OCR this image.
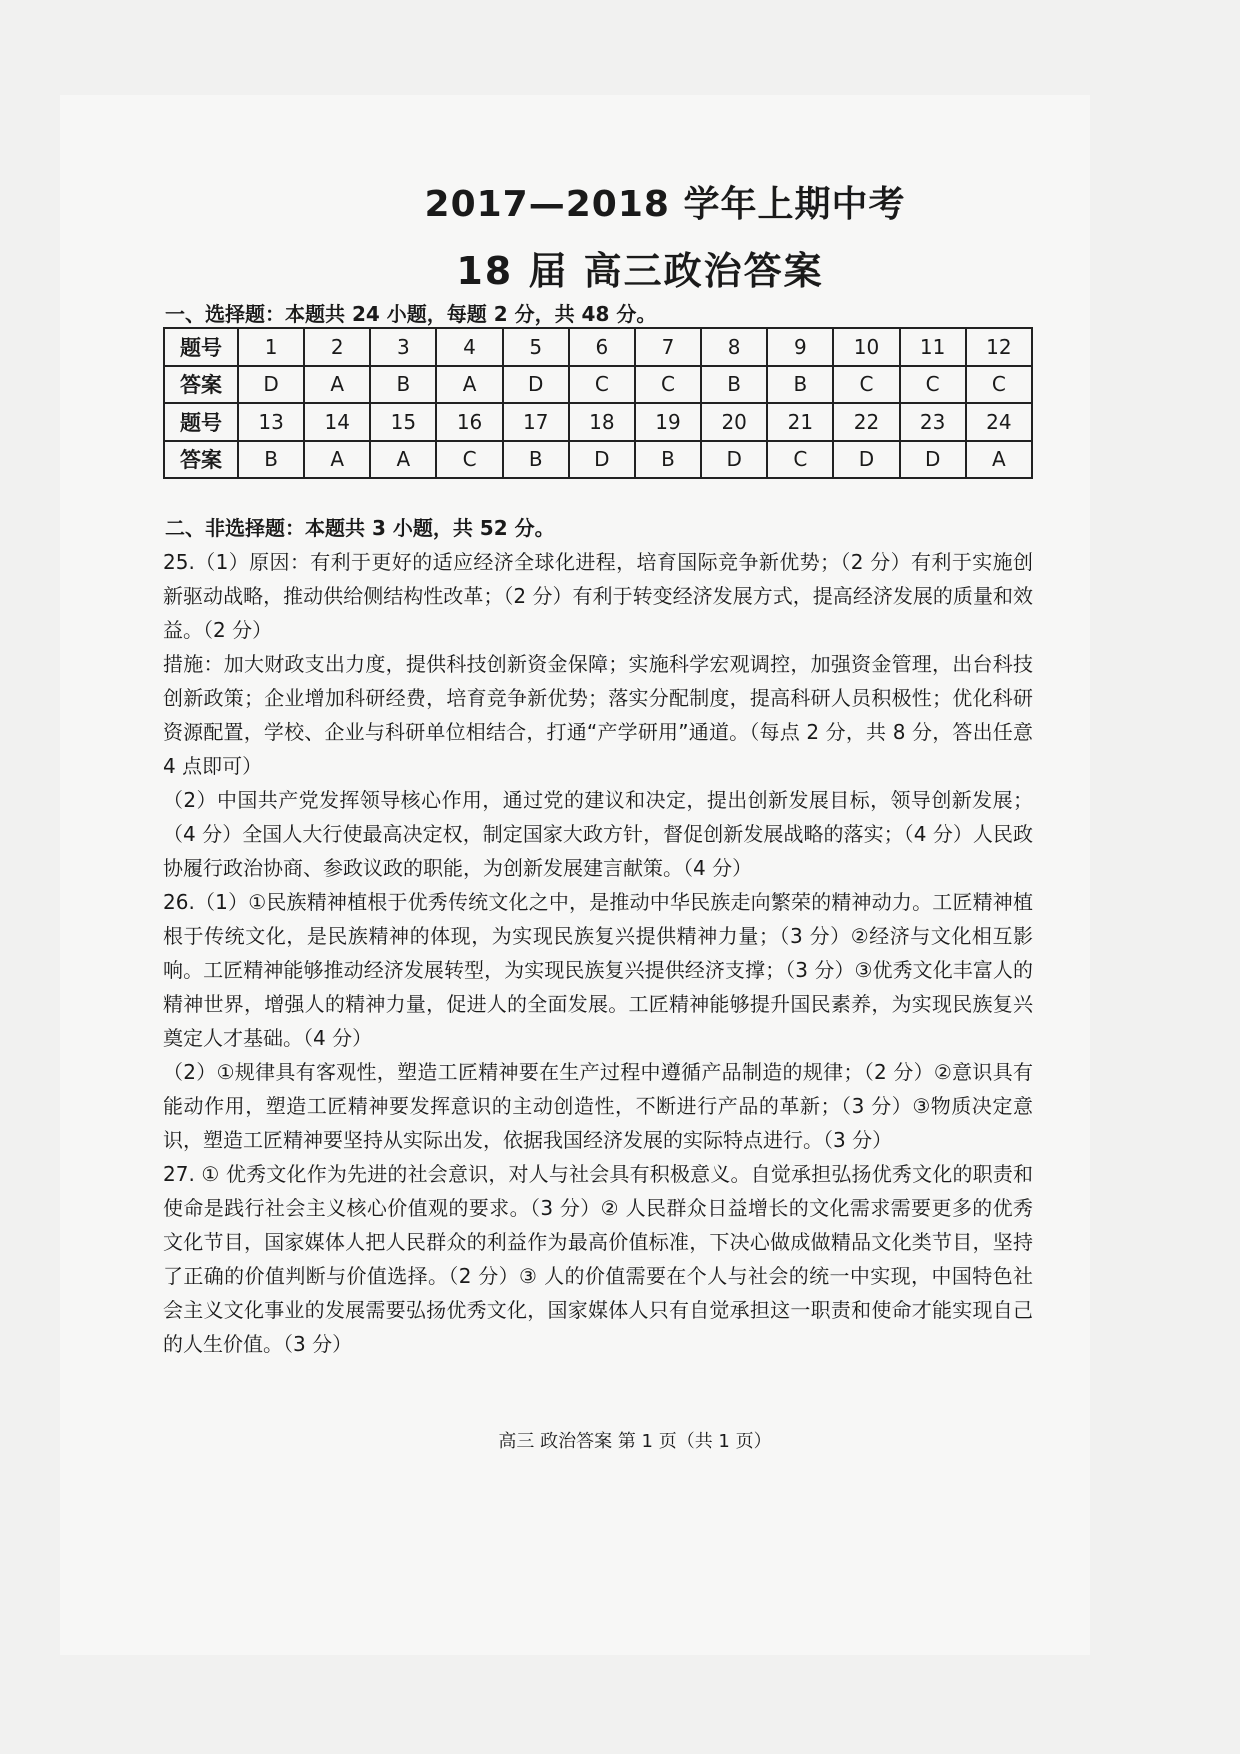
2017—2018 学年上期中考
18 届 高三政治答案
一、选择题：本题共 24 小题，每题 2 分，共 48 分。
题号	1	2	3	4	5	6	7	8	9	10	11	12
答案	D	A	B	A	D	C	C	B	B	C	C	C
题号	13	14	15	16	17	18	19	20	21	22	23	24
答案	B	A	A	C	B	D	B	D	C	D	D	A
二、非选择题：本题共 3 小题，共 52 分。

25.（1）原因：有利于更好的适应经济全球化进程，培育国际竞争新优势；（2 分）有利于实施创新驱动战略，推动供给侧结构性改革；（2 分）有利于转变经济发展方式，提高经济发展的质量和效益。（2 分）

措施：加大财政支出力度，提供科技创新资金保障；实施科学宏观调控，加强资金管理，出台科技创新政策；企业增加科研经费，培育竞争新优势；落实分配制度，提高科研人员积极性；优化科研资源配置，学校、企业与科研单位相结合，打通“产学研用”通道。（每点 2 分，共 8 分，答出任意 4 点即可）

（2）中国共产党发挥领导核心作用，通过党的建议和决定，提出创新发展目标，领导创新发展；（4 分）全国人大行使最高决定权，制定国家大政方针，督促创新发展战略的落实；（4 分）人民政协履行政治协商、参政议政的职能，为创新发展建言献策。（4 分）

26.（1）①民族精神植根于优秀传统文化之中，是推动中华民族走向繁荣的精神动力。工匠精神植根于传统文化，是民族精神的体现，为实现民族复兴提供精神力量；（3 分）②经济与文化相互影响。工匠精神能够推动经济发展转型，为实现民族复兴提供经济支撑；（3 分）③优秀文化丰富人的精神世界，增强人的精神力量，促进人的全面发展。工匠精神能够提升国民素养，为实现民族复兴奠定人才基础。（4 分）

（2）①规律具有客观性，塑造工匠精神要在生产过程中遵循产品制造的规律；（2 分）②意识具有能动作用，塑造工匠精神要发挥意识的主动创造性，不断进行产品的革新；（3 分）③物质决定意识，塑造工匠精神要坚持从实际出发，依据我国经济发展的实际特点进行。（3 分）

27. ① 优秀文化作为先进的社会意识，对人与社会具有积极意义。自觉承担弘扬优秀文化的职责和使命是践行社会主义核心价值观的要求。（3 分）② 人民群众日益增长的文化需求需要更多的优秀文化节目，国家媒体人把人民群众的利益作为最高价值标准，下决心做成做精品文化类节目，坚持了正确的价值判断与价值选择。（2 分）③ 人的价值需要在个人与社会的统一中实现，中国特色社会主义文化事业的发展需要弘扬优秀文化，国家媒体人只有自觉承担这一职责和使命才能实现自己的人生价值。（3 分）

高三 政治答案 第 1 页（共 1 页）
